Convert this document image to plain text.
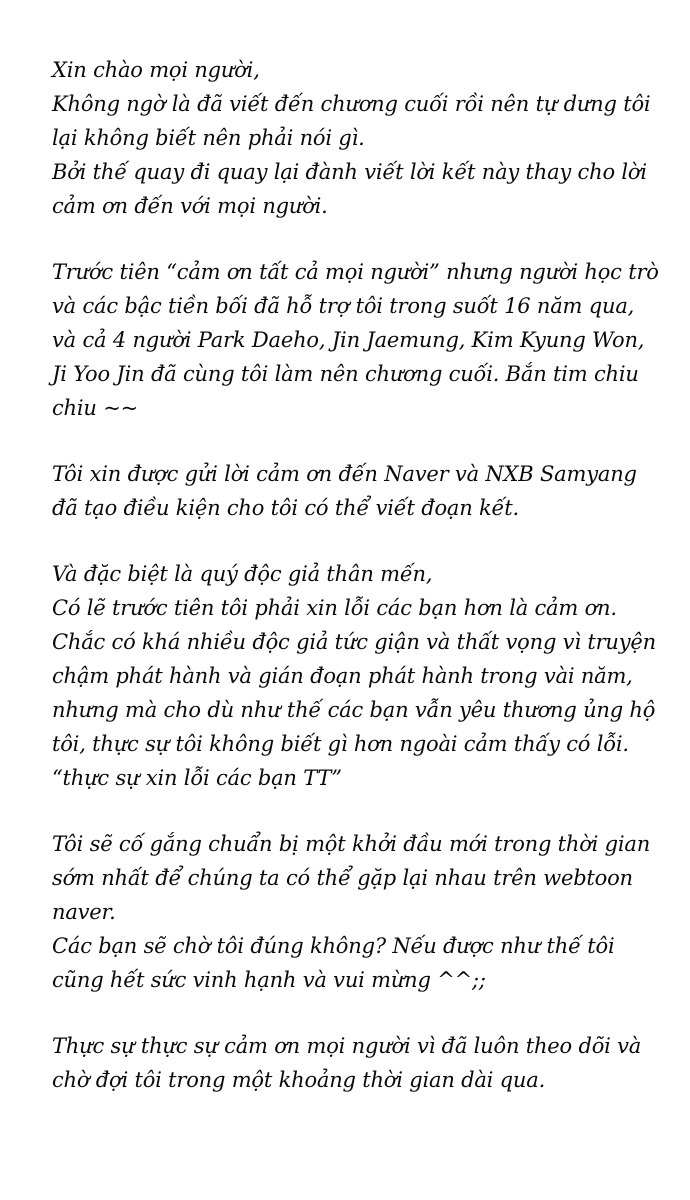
Xin chào mọi người,
Không ngờ là đã viết đến chương cuối rồi nên tự dưng tôi
lại không biết nên phải nói gì.
Bởi thế quay đi quay lại đành viết lời kết này thay cho lời
cảm ơn đến với mọi người.
Trước tiên “cảm ơn tất cả mọi người” nhưng người học trò
và các bậc tiền bối đã hỗ trợ tôi trong suốt 16 năm qua,
và cả 4 người Park Daeho, Jin Jaemung, Kim Kyung Won,
Ji Yoo Jin đã cùng tôi làm nên chương cuối. Bắn tim chiu
chiu ~~
Tôi xin được gửi lời cảm ơn đến Naver và NXB Samyang
đã tạo điều kiện cho tôi có thể viết đoạn kết.
Và đặc biệt là quý độc giả thân mến,
Có lẽ trước tiên tôi phải xin lỗi các bạn hơn là cảm ơn.
Chắc có khá nhiều độc giả tức giận và thất vọng vì truyện
chậm phát hành và gián đoạn phát hành trong vài năm,
nhưng mà cho dù như thế các bạn vẫn yêu thương ủng hộ
tôi, thực sự tôi không biết gì hơn ngoài cảm thấy có lỗi.
“thực sự xin lỗi các bạn TT”
Tôi sẽ cố gắng chuẩn bị một khởi đầu mới trong thời gian
sớm nhất để chúng ta có thể gặp lại nhau trên webtoon
naver.
Các bạn sẽ chờ tôi đúng không? Nếu được như thế tôi
cũng hết sức vinh hạnh và vui mừng ^^;;
Thực sự thực sự cảm ơn mọi người vì đã luôn theo dõi và
chờ đợi tôi trong một khoảng thời gian dài qua.
